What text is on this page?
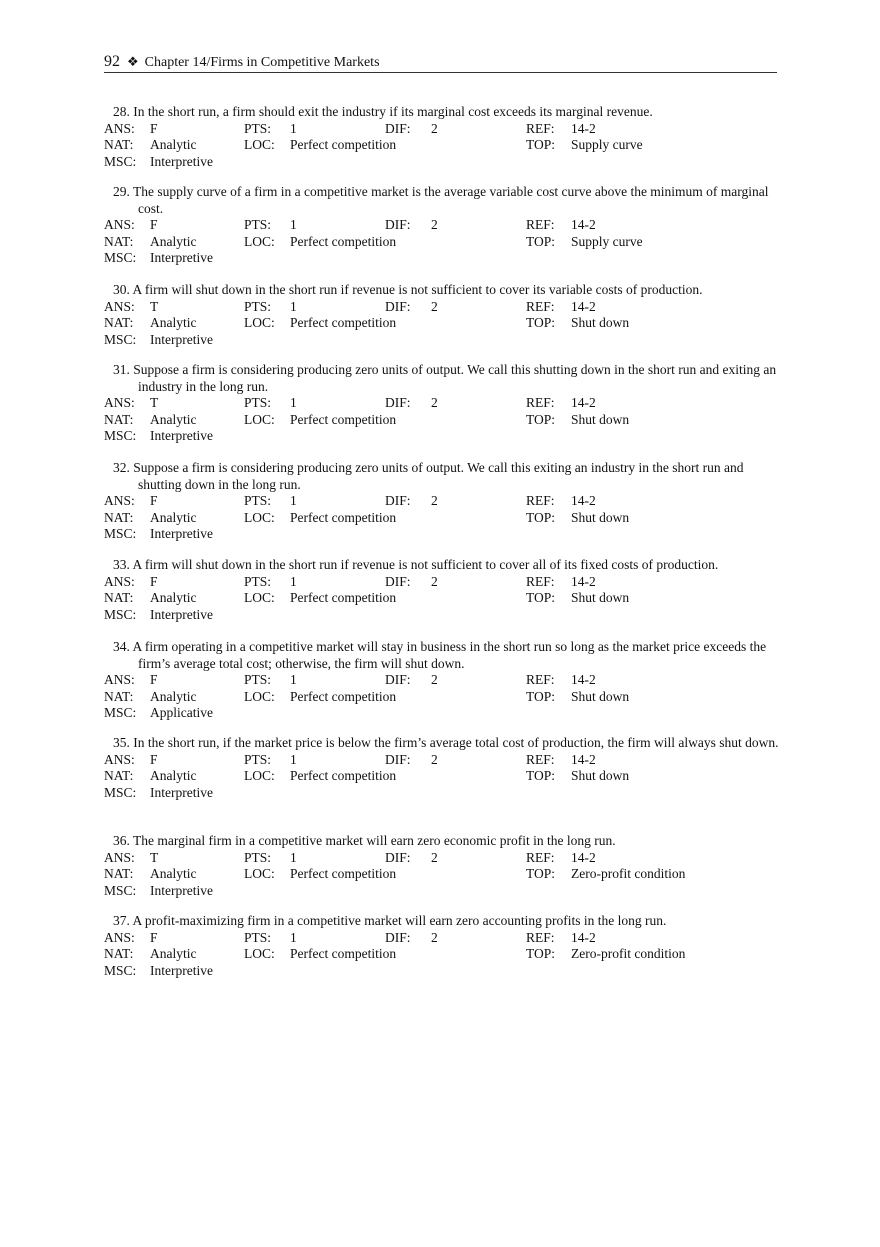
92 ❖ Chapter 14/Firms in Competitive Markets

28. In the short run, a firm should exit the industry if its marginal cost exceeds its marginal revenue.

ANS: F	PTS: 1	DIF: 2	REF: 14-2
NAT: Analytic	LOC: Perfect competition	TOP: Supply curve
MSC: Interpretive

29. The supply curve of a firm in a competitive market is the average variable cost curve above the minimum of marginal cost.

ANS: F	PTS: 1	DIF: 2	REF: 14-2
NAT: Analytic	LOC: Perfect competition	TOP: Supply curve
MSC: Interpretive

30. A firm will shut down in the short run if revenue is not sufficient to cover its variable costs of production.

ANS: T	PTS: 1	DIF: 2	REF: 14-2
NAT: Analytic	LOC: Perfect competition	TOP: Shut down
MSC: Interpretive

31. Suppose a firm is considering producing zero units of output. We call this shutting down in the short run and exiting an industry in the long run.

ANS: T	PTS: 1	DIF: 2	REF: 14-2
NAT: Analytic	LOC: Perfect competition	TOP: Shut down
MSC: Interpretive

32. Suppose a firm is considering producing zero units of output. We call this exiting an industry in the short run and shutting down in the long run.

ANS: F	PTS: 1	DIF: 2	REF: 14-2
NAT: Analytic	LOC: Perfect competition	TOP: Shut down
MSC: Interpretive

33. A firm will shut down in the short run if revenue is not sufficient to cover all of its fixed costs of production.

ANS: F	PTS: 1	DIF: 2	REF: 14-2
NAT: Analytic	LOC: Perfect competition	TOP: Shut down
MSC: Interpretive

34. A firm operating in a competitive market will stay in business in the short run so long as the market price exceeds the firm’s average total cost; otherwise, the firm will shut down.

ANS: F	PTS: 1	DIF: 2	REF: 14-2
NAT: Analytic	LOC: Perfect competition	TOP: Shut down
MSC: Applicative

35. In the short run, if the market price is below the firm’s average total cost of production, the firm will always shut down.

ANS: F	PTS: 1	DIF: 2	REF: 14-2
NAT: Analytic	LOC: Perfect competition	TOP: Shut down
MSC: Interpretive

36. The marginal firm in a competitive market will earn zero economic profit in the long run.

ANS: T	PTS: 1	DIF: 2	REF: 14-2
NAT: Analytic	LOC: Perfect competition	TOP: Zero-profit condition
MSC: Interpretive

37. A profit-maximizing firm in a competitive market will earn zero accounting profits in the long run.

ANS: F	PTS: 1	DIF: 2	REF: 14-2
NAT: Analytic	LOC: Perfect competition	TOP: Zero-profit condition
MSC: Interpretive
